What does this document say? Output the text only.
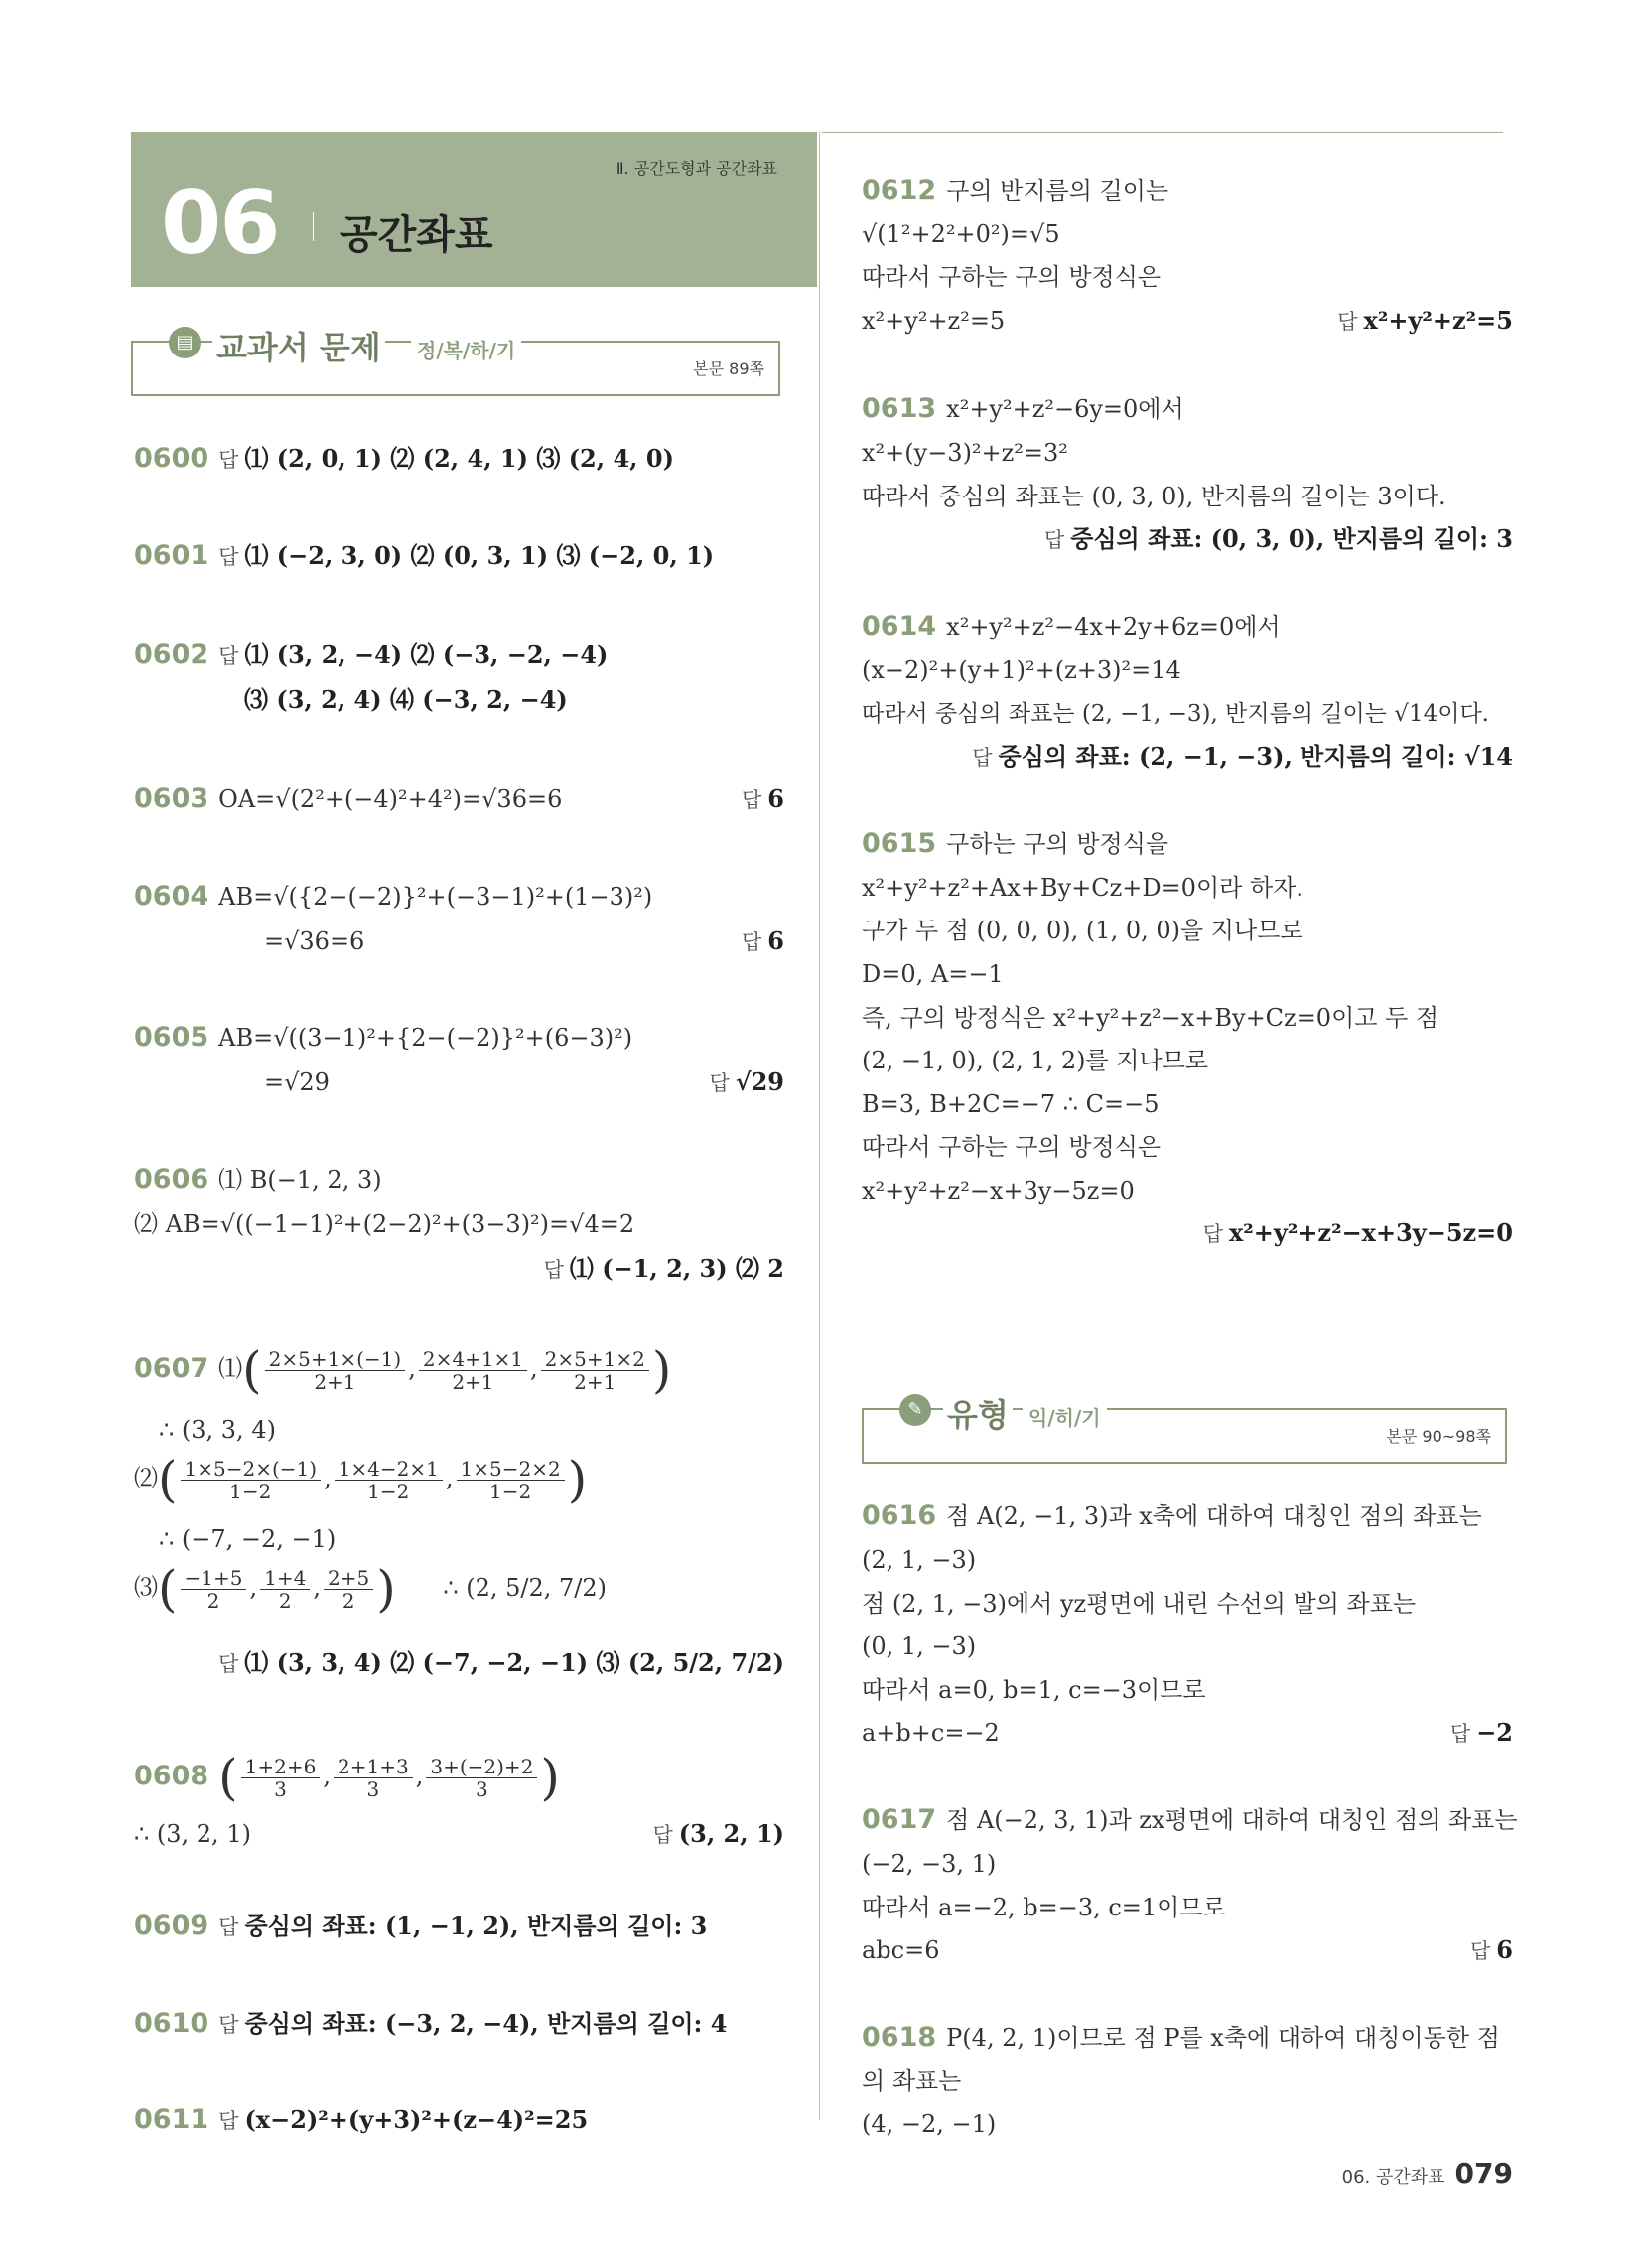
Ⅱ. 공간도형과 공간좌표
06 공간좌표
▤ 교과서 문제	정/복/하/기
본문 89쪽
0600 답 ⑴ (2, 0, 1) ⑵ (2, 4, 1) ⑶ (2, 4, 0)
0601 답 ⑴ (−2, 3, 0) ⑵ (0, 3, 1) ⑶ (−2, 0, 1)
0602 답 ⑴ (3, 2, −4) ⑵ (−3, −2, −4)
⑶ (3, 2, 4) ⑷ (−3, 2, −4)
0603 OA=√(2²+(−4)²+4²)=√36=6	답 6
0604 AB=√({2−(−2)}²+(−3−1)²+(1−3)²)
=√36=6	답 6
0605 AB=√((3−1)²+{2−(−2)}²+(6−3)²)
=√29	답 √29
0606 ⑴ B(−1, 2, 3)
⑵ AB=√((−1−1)²+(2−2)²+(3−3)²)=√4=2
답 ⑴ (−1, 2, 3) ⑵ 2
0607 ⑴( $\frac{2\times 5+1\times(-1)}{2+1}$ , $\frac{2\times 4+1\times 1}{2+1}$ , $\frac{2\times 5+1\times 2}{2+1}$ )
∴ (3, 3, 4)
⑵( $\frac{1\times 5-2\times(-1)}{1-2}$ , $\frac{1\times 4-2\times 1}{1-2}$ , $\frac{1\times 5-2\times 2}{1-2}$ )
∴ (−7, −2, −1)
⑶( $\frac{-1+5}{2}$ , $\frac{1+4}{2}$ , $\frac{2+5}{2}$ ) ∴ (2, 5/2, 7/2)
답 ⑴ (3, 3, 4) ⑵ (−7, −2, −1) ⑶ (2, 5/2, 7/2)
0608 ( $\frac{1+2+6}{3}$ , $\frac{2+1+3}{3}$ , $\frac{3+(-2)+2}{3}$ )
∴ (3, 2, 1)	답 (3, 2, 1)
0609 답 중심의 좌표: (1, −1, 2), 반지름의 길이: 3
0610 답 중심의 좌표: (−3, 2, −4), 반지름의 길이: 4
0611 답 (x−2)²+(y+3)²+(z−4)²=25
0612 구의 반지름의 길이는
√(1²+2²+0²)=√5
따라서 구하는 구의 방정식은
x²+y²+z²=5	답 x²+y²+z²=5
0613 x²+y²+z²−6y=0에서
x²+(y−3)²+z²=3²
따라서 중심의 좌표는 (0, 3, 0), 반지름의 길이는 3이다.
답 중심의 좌표: (0, 3, 0), 반지름의 길이: 3
0614 x²+y²+z²−4x+2y+6z=0에서
(x−2)²+(y+1)²+(z+3)²=14
따라서 중심의 좌표는 (2, −1, −3), 반지름의 길이는 √14이다.
답 중심의 좌표: (2, −1, −3), 반지름의 길이: √14
0615 구하는 구의 방정식을
x²+y²+z²+Ax+By+Cz+D=0이라 하자.
구가 두 점 (0, 0, 0), (1, 0, 0)을 지나므로
D=0, A=−1
즉, 구의 방정식은 x²+y²+z²−x+By+Cz=0이고 두 점
(2, −1, 0), (2, 1, 2)를 지나므로
B=3, B+2C=−7 ∴ C=−5
따라서 구하는 구의 방정식은
x²+y²+z²−x+3y−5z=0
답 x²+y²+z²−x+3y−5z=0
✎ 유형	익/히/기
본문 90~98쪽
0616 점 A(2, −1, 3)과 x축에 대하여 대칭인 점의 좌표는
(2, 1, −3)
점 (2, 1, −3)에서 yz평면에 내린 수선의 발의 좌표는
(0, 1, −3)
따라서 a=0, b=1, c=−3이므로
a+b+c=−2	답 −2
0617 점 A(−2, 3, 1)과 zx평면에 대하여 대칭인 점의 좌표는
(−2, −3, 1)
따라서 a=−2, b=−3, c=1이므로
abc=6	답 6
0618 P(4, 2, 1)이므로 점 P를 x축에 대하여 대칭이동한 점
의 좌표는
(4, −2, −1)
06. 공간좌표 079
